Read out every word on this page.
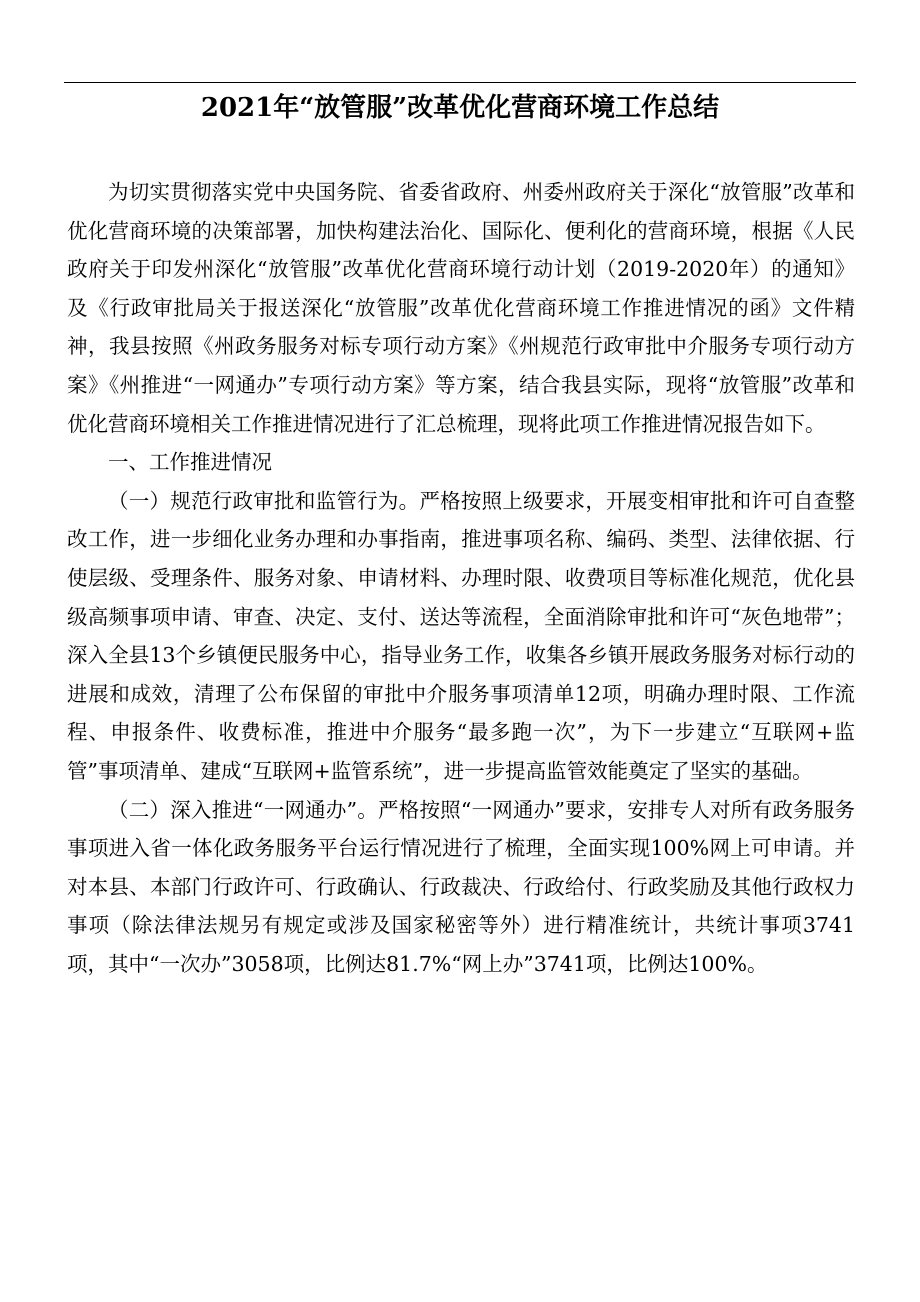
2021年“放管服”改革优化营商环境工作总结

为切实贯彻落实党中央国务院、省委省政府、州委州政府关于深化“放管服”改革和优化营商环境的决策部署，加快构建法治化、国际化、便利化的营商环境，根据《人民政府关于印发州深化“放管服”改革优化营商环境行动计划（2019-2020年）的通知》及《行政审批局关于报送深化“放管服”改革优化营商环境工作推进情况的函》文件精神，我县按照《州政务服务对标专项行动方案》《州规范行政审批中介服务专项行动方案》《州推进“一网通办”专项行动方案》等方案，结合我县实际，现将“放管服”改革和优化营商环境相关工作推进情况进行了汇总梳理，现将此项工作推进情况报告如下。

一、工作推进情况

（一）规范行政审批和监管行为。严格按照上级要求，开展变相审批和许可自查整改工作，进一步细化业务办理和办事指南，推进事项名称、编码、类型、法律依据、行使层级、受理条件、服务对象、申请材料、办理时限、收费项目等标准化规范，优化县级高频事项申请、审查、决定、支付、送达等流程，全面消除审批和许可“灰色地带”；深入全县13个乡镇便民服务中心，指导业务工作，收集各乡镇开展政务服务对标行动的进展和成效，清理了公布保留的审批中介服务事项清单12项，明确办理时限、工作流程、申报条件、收费标准，推进中介服务“最多跑一次”，为下一步建立“互联网+监管”事项清单、建成“互联网+监管系统”，进一步提高监管效能奠定了坚实的基础。

（二）深入推进“一网通办”。严格按照“一网通办”要求，安排专人对所有政务服务事项进入省一体化政务服务平台运行情况进行了梳理，全面实现100%网上可申请。并对本县、本部门行政许可、行政确认、行政裁决、行政给付、行政奖励及其他行政权力事项（除法律法规另有规定或涉及国家秘密等外）进行精准统计，共统计事项3741项，其中“一次办”3058项，比例达81.7%“网上办”3741项，比例达100%。
